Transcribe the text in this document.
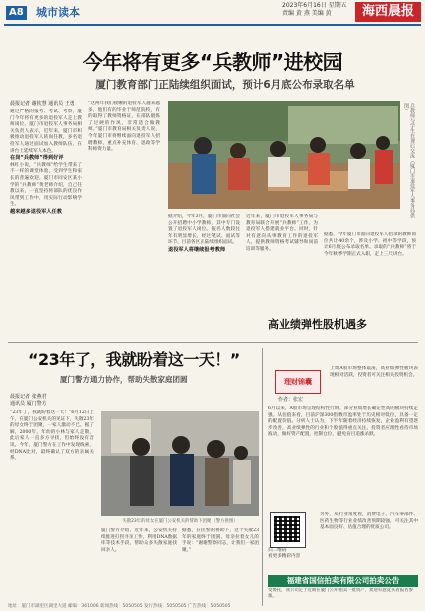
A8 城市读本
2023年6月16日 星期五
责编 黄 燕 美编 黄	海西晨报
今年将有更多“兵教师”进校园
厦门教育部门正陆续组织面试，预计6月底公布录取名单
晨报记者 谢钦慧 通讯员 王勇
通过严格的报考、考试、考察，厦门今年将有更多的退役军人走上教师岗位。厦门市退役军人事务局相关负责人表示，近年来，厦门市积极推动退役军人转岗任教，多名退役军人通过面试加入教师队伍，在讲台上延续军人本色。
在岗“兵教师”得到好评
林红小说，“兵教师”给学生带来了不一样的课堂体验，受到学生和家长的普遍欢迎。厦门市同安区某小学的“兵教师”黄老师介绍，自己任教以来，一直坚持将部队的优良作风带到工作中，用实际行动影响学生。
越来越多退役军人任教
“这两年我们接触的退役军人越来越多，他们有的毕业于师范院校，有的取得了教师资格证，在部队锻炼了过硬的作风，非常适合做教师。”厦门市教育局相关负责人说，今年厦门市将继续面向退役军人招聘教师，重点补充体育、思政等学科师资力量。	兵教师与学生在课后交流（厦门市退役军人事务局供图）
据介绍，今年3月，厦门市面向社会公开招聘中小学教师，其中专门设置了退役军人岗位。报名人数较往年有明显增长，经过笔试、面试等环节，目前各区正陆续组织面试。
退役军人将继续报考教师
近年来，厦门市退役军人事务局与教育局联合开展“兵教师”工作，为退役军人搭建就业平台。同时，针对有意向从事教育工作的退役军人，提供教师资格考试辅导和岗前培训等服务。
据悉，今年厦门市面向退役军人招录的教师岗位共计40余个，涉及小学、初中等学段，预计6月底公布录取名单。录取的“兵教师”将于今年秋季学期正式入职，走上三尺讲台。
“23年了，我就盼着这一天！”
厦门警方通力协作，帮助失散家庭团圆
晨报记者 张燕君
通讯员 厦门警方
“23年了，我就盼着这一天！”6月12日上午，在厦门公安机关的见证下，失散23年的母女终于团聚，一家人激动不已。据了解，2000年，年幼的小林与家人走散，此后家人一直多方寻找，但始终没有音讯。今年，厦门警方在工作中发现线索，经DNA比对，最终确认了双方的亲属关系。
失散23年的母女在厦门公安机关的帮助下团聚（警方供图）
厦门警方介绍，近年来，公安机关持续推进打拐寻亲工作，利用DNA数据库等技术手段，帮助众多失散家庭找回亲人。
据悉，在民警的协助下，这个失散23年的家庭终于团圆。母亲拉着女儿的手说：“谢谢警察同志，让我们一家团聚。”
高业绩弹性股机遇多
理财锦囊
作者：张宏
上周A股市场整体震荡，高业绩弹性板块表现相对活跃，投资者可关注相关投资机会。
6月以来，A股市场呈现结构性行情，部分业绩增长确定性高的板块持续走强。从估值来看，目前沪深300指数市盈率处于历史相对低位，具备一定的配置价值。分析人士认为，下半年随着经济持续恢复，企业盈利有望逐步改善，高业绩弹性的行业和个股值得重点关注。投资者应理性看待市场波动，做好资产配置，控制仓位，避免盲目追涨杀跌。
扫二维码
看更多精彩内容
另外，从行业角度看，消费电子、汽车零部件、医药生物等行业业绩改善预期较强，可关注其中基本面良好、估值合理的优质公司。
福建省国信拍卖有限公司拍卖公告
受委托，我公司定于近期在厦门公开拍卖一批资产，欢迎有意竞买者报名参加。
地址：厦门市湖里区湖里大道 邮编：361006 新闻热线：5050505 发行热线：5050505 广告热线：5050505
